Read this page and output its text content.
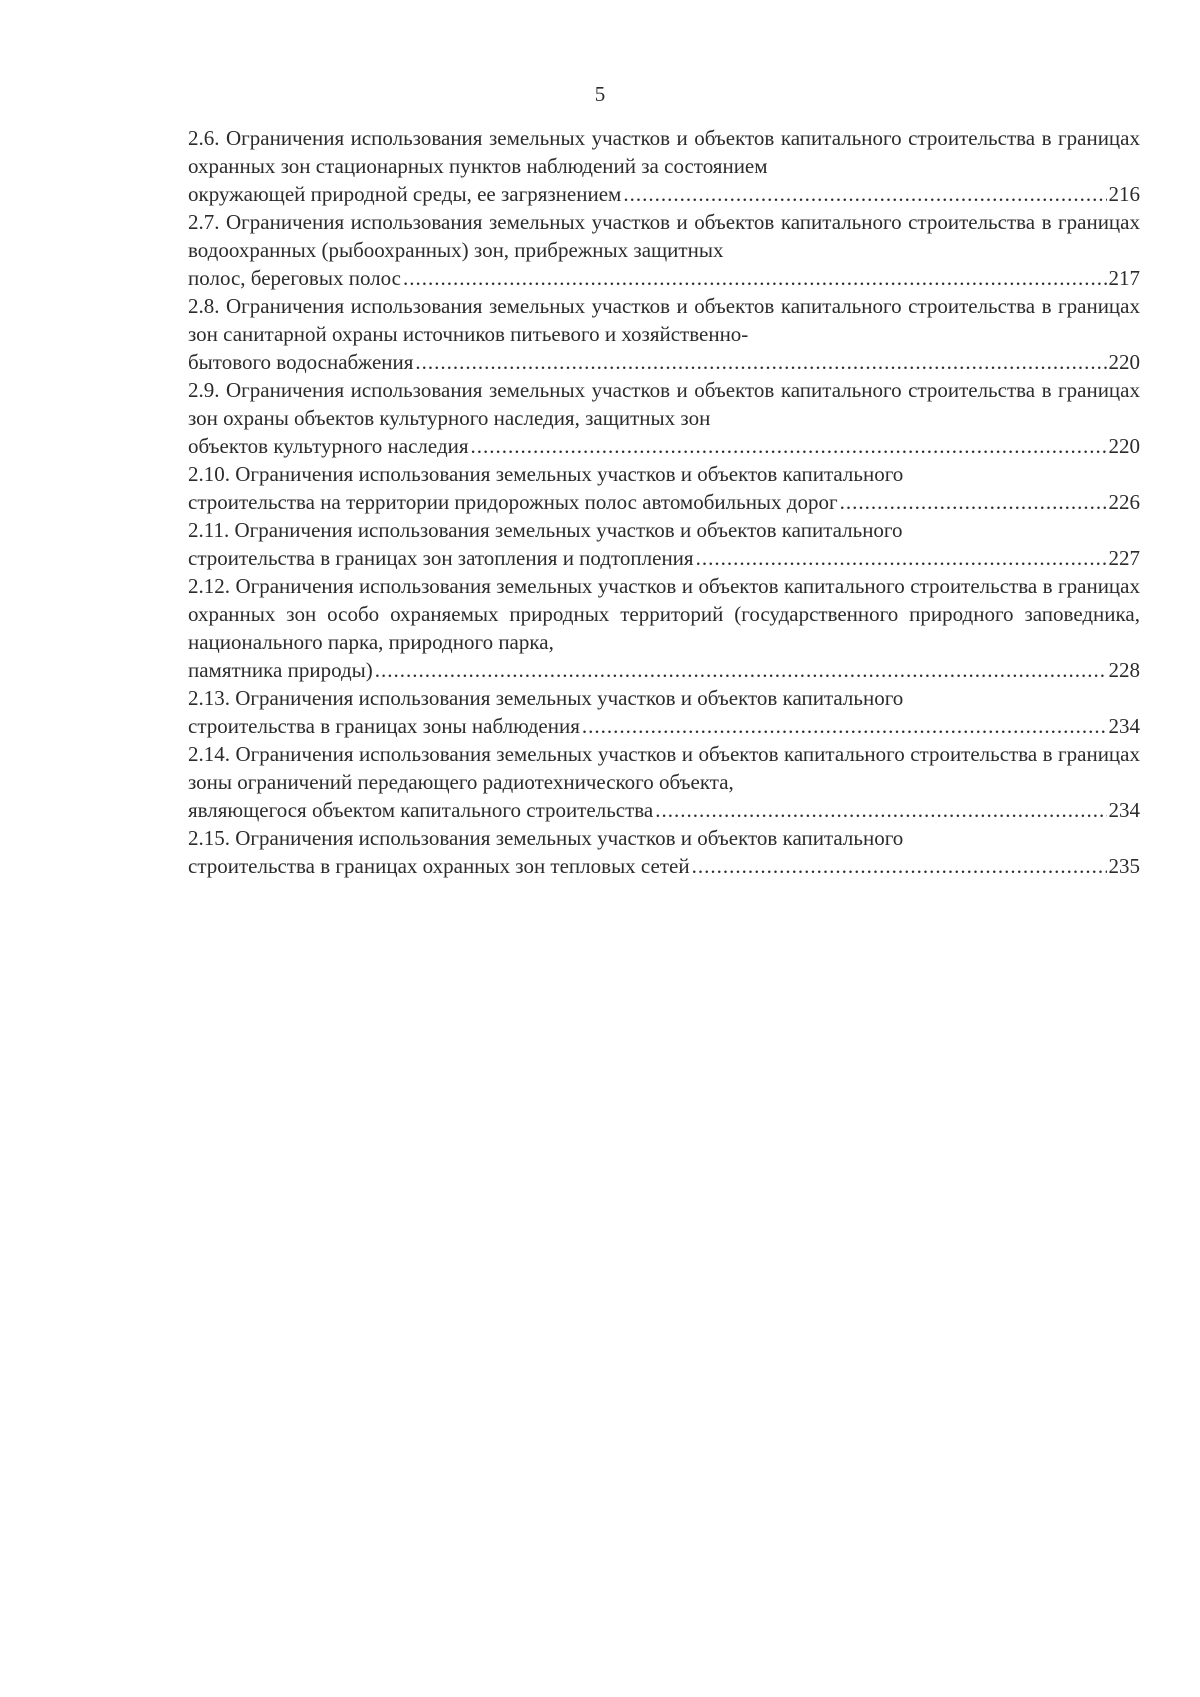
5
2.6. Ограничения использования земельных участков и объектов капитального строительства в границах охранных зон стационарных пунктов наблюдений за состоянием
окружающей природной среды, ее загрязнением .....	216
2.7. Ограничения использования земельных участков и объектов капитального строительства в границах водоохранных (рыбоохранных) зон, прибрежных защитных
полос, береговых полос .....	217
2.8. Ограничения использования земельных участков и объектов капитального строительства в границах зон санитарной охраны источников питьевого и хозяйственно-
бытового водоснабжения .....	220
2.9. Ограничения использования земельных участков и объектов капитального строительства в границах зон охраны объектов культурного наследия, защитных зон
объектов культурного наследия .....	220
2.10. Ограничения использования земельных участков и объектов капитального
строительства на территории придорожных полос автомобильных дорог .....	226
2.11. Ограничения использования земельных участков и объектов капитального
строительства в границах зон затопления и подтопления .....	227
2.12. Ограничения использования земельных участков и объектов капитального строительства в границах охранных зон особо охраняемых природных территорий (государственного природного заповедника, национального парка, природного парка,
памятника природы) .....	228
2.13. Ограничения использования земельных участков и объектов капитального
строительства в границах зоны наблюдения .....	234
2.14. Ограничения использования земельных участков и объектов капитального строительства в границах зоны ограничений передающего радиотехнического объекта,
являющегося объектом капитального строительства .....	234
2.15. Ограничения использования земельных участков и объектов капитального
строительства в границах охранных зон тепловых сетей .....	235
